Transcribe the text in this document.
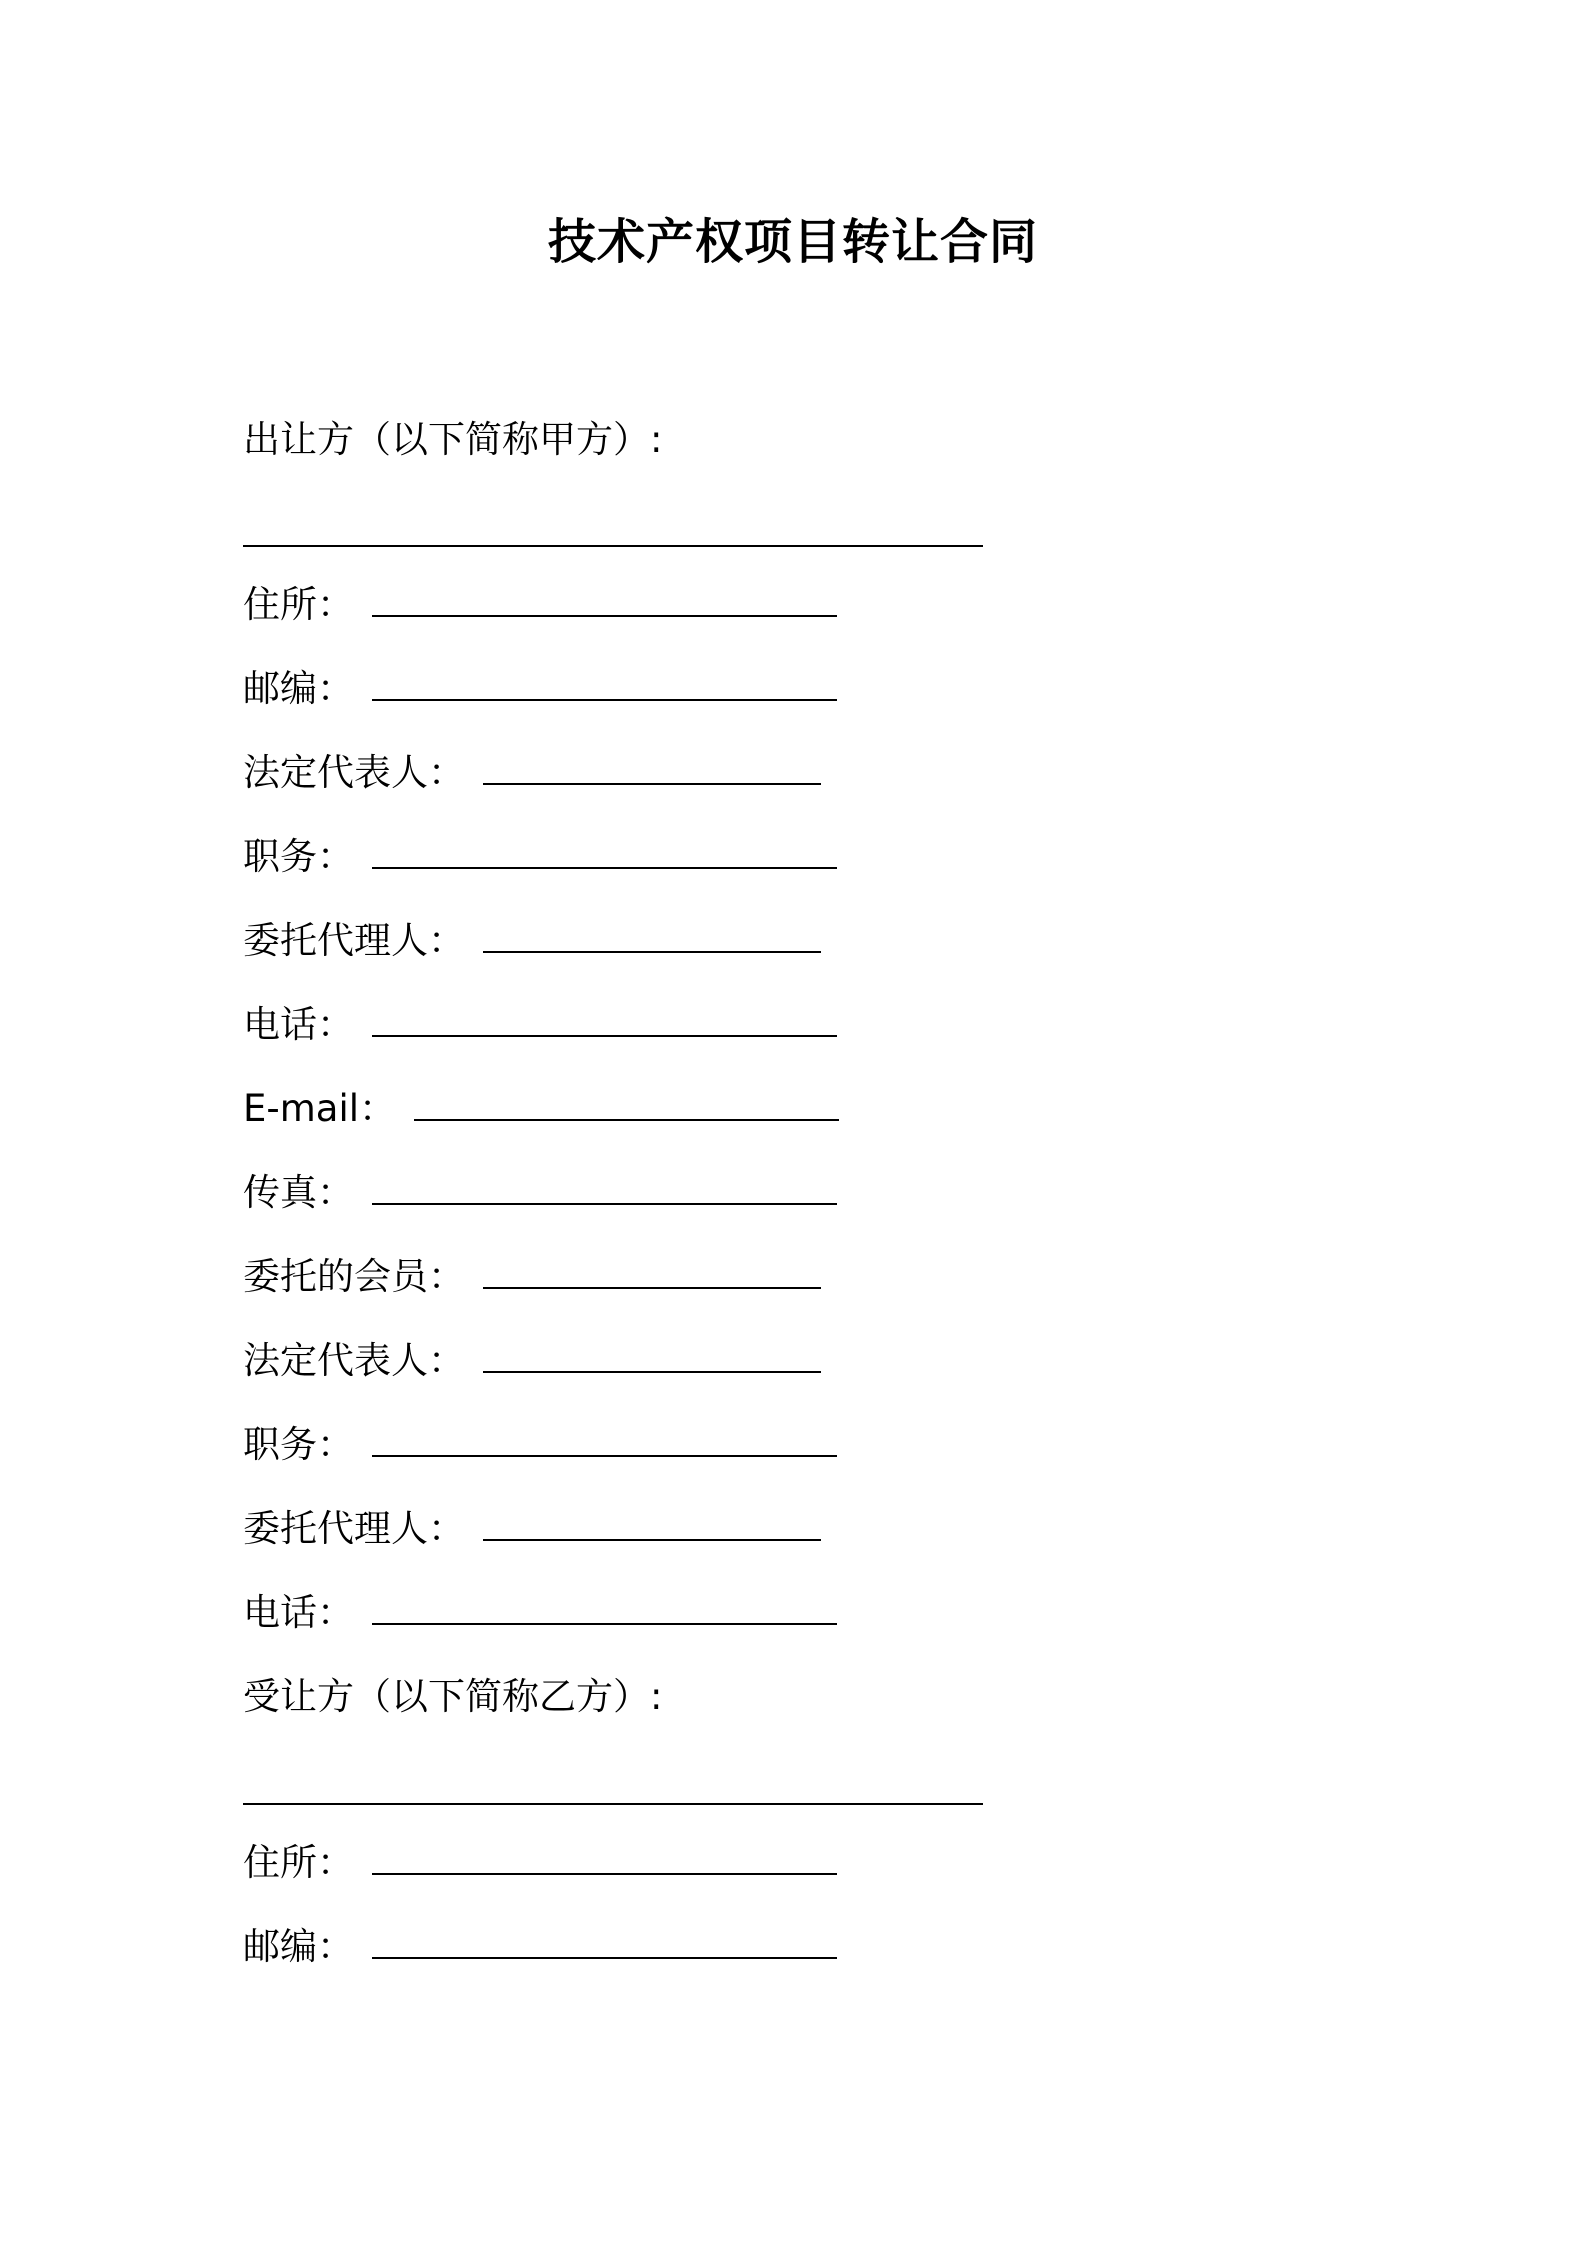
技术产权项目转让合同
出让方（以下简称甲方）:
住所：
邮编：
法定代表人：
职务：
委托代理人：
电话：
E-mail：
传真：
委托的会员：
法定代表人：
职务：
委托代理人：
电话：
受让方（以下简称乙方）:
住所：
邮编：
